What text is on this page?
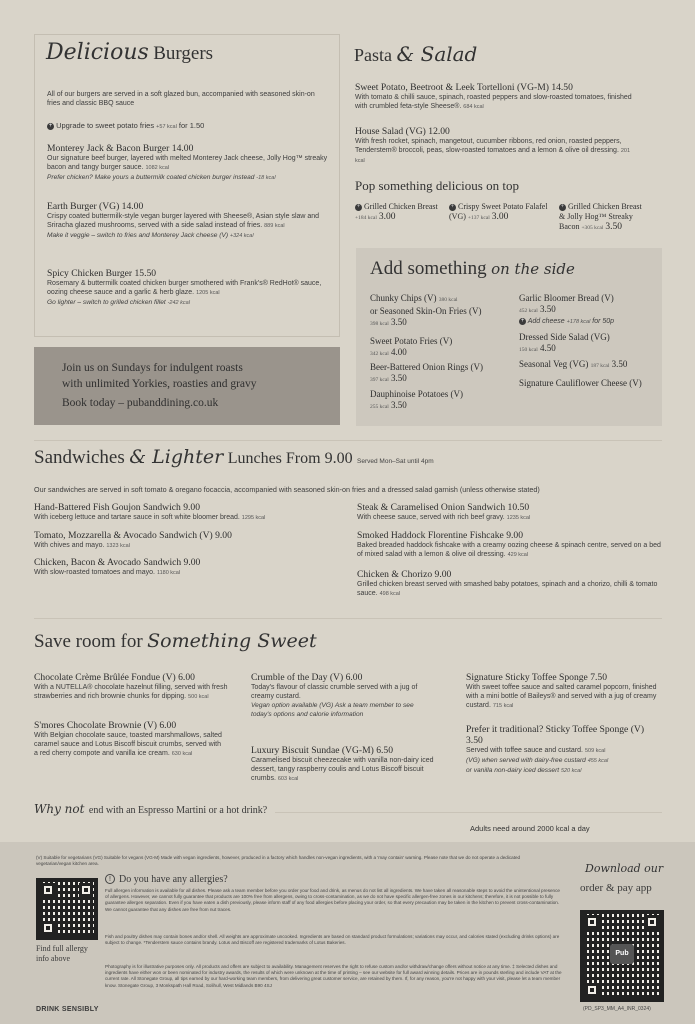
Delicious Burgers
All of our burgers are served in a soft glazed bun, accompanied with seasoned skin-on fries and classic BBQ sauce
+ Upgrade to sweet potato fries +57 kcal for 1.50
Monterey Jack & Bacon Burger 14.00
Our signature beef burger, layered with melted Monterey Jack cheese, Jolly Hog™ streaky bacon and tangy burger sauce. 1082 kcal
Prefer chicken? Make yours a buttermilk coated chicken burger instead -18 kcal
Earth Burger (VG) 14.00
Crispy coated buttermilk-style vegan burger layered with Sheese®, Asian style slaw and Sriracha glazed mushrooms, served with a side salad instead of fries. 889 kcal
Make it veggie – switch to fries and Monterey Jack cheese (V) +324 kcal
Spicy Chicken Burger 15.50
Rosemary & buttermilk coated chicken burger smothered with Frank's® RedHot® sauce, oozing cheese sauce and a garlic & herb glaze. 1205 kcal
Go lighter – switch to grilled chicken fillet -242 kcal
Join us on Sundays for indulgent roasts
with unlimited Yorkies, roasties and gravy
Book today – pubanddining.co.uk
Pasta & Salad
Sweet Potato, Beetroot & Leek Tortelloni (VG-M) 14.50
With tomato & chilli sauce, spinach, roasted peppers and slow-roasted tomatoes, finished with crumbled feta-style Sheese®. 684 kcal
House Salad (VG) 12.00
With fresh rocket, spinach, mangetout, cucumber ribbons, red onion, roasted peppers, Tenderstem® broccoli, peas, slow-roasted tomatoes and a lemon & olive oil dressing. 201 kcal
Pop something delicious on top
+ Grilled Chicken Breast +184 kcal 3.00
+ Crispy Sweet Potato Falafel (VG) +137 kcal 3.00
+ Grilled Chicken Breast & Jolly Hog™ Streaky Bacon +305 kcal 3.50
Add something on the side
Chunky Chips (V) 380 kcal
or Seasoned Skin-On Fries (V)
398 kcal 3.50
Sweet Potato Fries (V)
342 kcal 4.00
Beer-Battered Onion Rings (V)
397 kcal 3.50
Dauphinoise Potatoes (V)
255 kcal 3.50
Garlic Bloomer Bread (V)
452 kcal 3.50
+ Add cheese +178 kcal for 50p
Dressed Side Salad (VG)
150 kcal 4.50
Seasonal Veg (VG) 187 kcal 3.50
Signature Cauliflower Cheese (V)
Sandwiches & Lighter Lunches From 9.00 Served Mon–Sat until 4pm
Our sandwiches are served in soft tomato & oregano focaccia, accompanied with seasoned skin-on fries and a dressed salad garnish (unless otherwise stated)
Hand-Battered Fish Goujon Sandwich 9.00
With iceberg lettuce and tartare sauce in soft white bloomer bread. 1295 kcal
Tomato, Mozzarella & Avocado Sandwich (V) 9.00
With chives and mayo. 1323 kcal
Chicken, Bacon & Avocado Sandwich 9.00
With slow-roasted tomatoes and mayo. 1180 kcal
Steak & Caramelised Onion Sandwich 10.50
With cheese sauce, served with rich beef gravy. 1235 kcal
Smoked Haddock Florentine Fishcake 9.00
Baked breaded haddock fishcake with a creamy oozing cheese & spinach centre, served on a bed of mixed salad with a lemon & olive oil dressing. 429 kcal
Chicken & Chorizo 9.00
Grilled chicken breast served with smashed baby potatoes, spinach and a chorizo, chilli & tomato sauce. 498 kcal
Save room for Something Sweet
Chocolate Crème Brûlée Fondue (V) 6.00
With a NUTELLA® chocolate hazelnut filling, served with fresh strawberries and rich brownie chunks for dipping. 500 kcal
S'mores Chocolate Brownie (V) 6.00
With Belgian chocolate sauce, toasted marshmallows, salted caramel sauce and Lotus Biscoff biscuit crumbs, served with a red cherry compote and vanilla ice cream. 630 kcal
Crumble of the Day (V) 6.00
Today's flavour of classic crumble served with a jug of creamy custard.
Vegan option available (VG) Ask a team member to see today's options and calorie information
Luxury Biscuit Sundae (VG-M) 6.50
Caramelised biscuit cheezecake with vanilla non-dairy iced dessert, tangy raspberry coulis and Lotus Biscoff biscuit crumbs. 603 kcal
Signature Sticky Toffee Sponge 7.50
With sweet toffee sauce and salted caramel popcorn, finished with a mini bottle of Baileys® and served with a jug of creamy custard. 715 kcal
Prefer it traditional? Sticky Toffee Sponge (V) 3.50
Served with toffee sauce and custard. 509 kcal
(VG) when served with dairy-free custard 455 kcal
or vanilla non-dairy iced dessert 520 kcal
Why not end with an Espresso Martini or a hot drink?
Adults need around 2000 kcal a day
(V) Suitable for vegetarians (VG) Suitable for vegans (VG-M) Made with vegan ingredients, however, produced in a factory which handles non-vegan ingredients, with a 'may contain' warning. Please note that we do not operate a dedicated vegetarian/vegan kitchen area.
Find full allergy info above
DRINK SENSIBLY
! Do you have any allergies?
Full allergen information is available for all dishes. Please ask a team member before you order your food and drink, as menus do not list all ingredients. We have taken all reasonable steps to avoid the unintentional presence of allergens. However, we cannot fully guarantee that products are 100% free from allergens, owing to cross-contamination, as we do not have specific allergen-free zones in our kitchens; therefore, it is not possible to fully guarantee allergen separation. Even if you have eaten a dish previously, please inform staff of any food allergies before placing your order, so that every precaution may be taken in the kitchen to prevent cross-contamination. We cannot guarantee that any dishes are free from nut traces.
Fish and poultry dishes may contain bones and/or shell. All weights are approximate uncooked. Ingredients are based on standard product formulations; variations may occur, and calories stated (excluding drinks options) are subject to change. *Tenderstem sauce contains brandy. Lotus and Biscoff are registered trademarks of Lotus Bakeries.
Photography is for illustrative purposes only. All products and offers are subject to availability. Management reserves the right to refuse custom and/or withdraw/change offers without notice at any time. ‡ Selected dishes and ingredients have either won or been nominated for industry awards, the results of which were unknown at the time of printing – see our website for full award winning details. Prices are in pounds sterling and include VAT at the current rate. All Stonegate Group, all tips earned by our hard-working team members, from delivering great customer service, are retained by them. If, for any reason, you're not happy with your visit, please let a team member know. Stonegate Group, 3 Monkspath Hall Road, Solihull, West Midlands B90 4SJ
Download our
order & pay app
Pub
(PD_SP3_MM_A4_INR_0324)
